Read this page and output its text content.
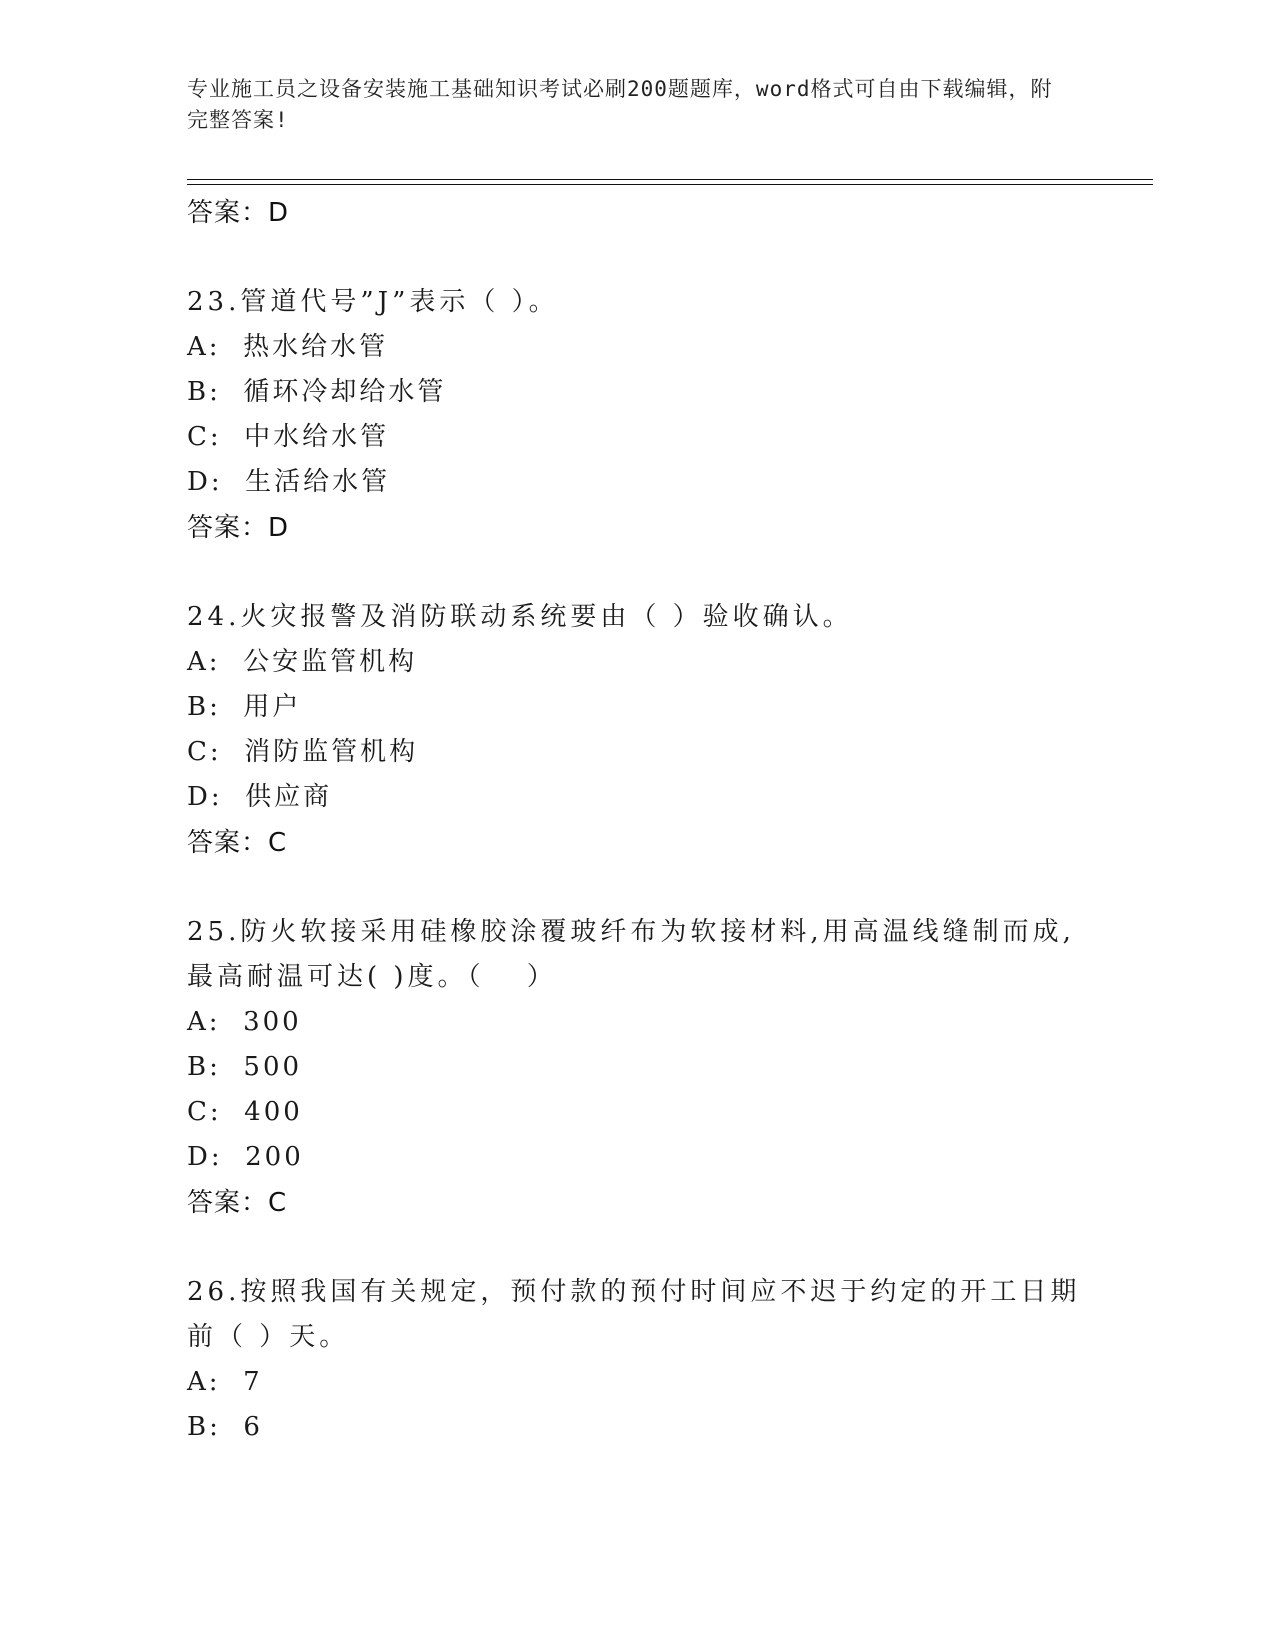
专业施工员之设备安装施工基础知识考试必刷200题题库，word格式可自由下载编辑，附完整答案!
答案：D
23.管道代号”J”表示（ ）。
A:  热水给水管
B:  循环冷却给水管
C:  中水给水管
D:  生活给水管
答案：D
24.火灾报警及消防联动系统要由（ ）验收确认。
A:  公安监管机构
B:  用户
C:  消防监管机构
D:  供应商
答案：C
25.防火软接采用硅橡胶涂覆玻纤布为软接材料,用高温线缝制而成,最高耐温可达( )度。（　 ）
A:  300
B:  500
C:  400
D:  200
答案：C
26.按照我国有关规定，预付款的预付时间应不迟于约定的开工日期前（ ）天。
A:  7
B:  6
